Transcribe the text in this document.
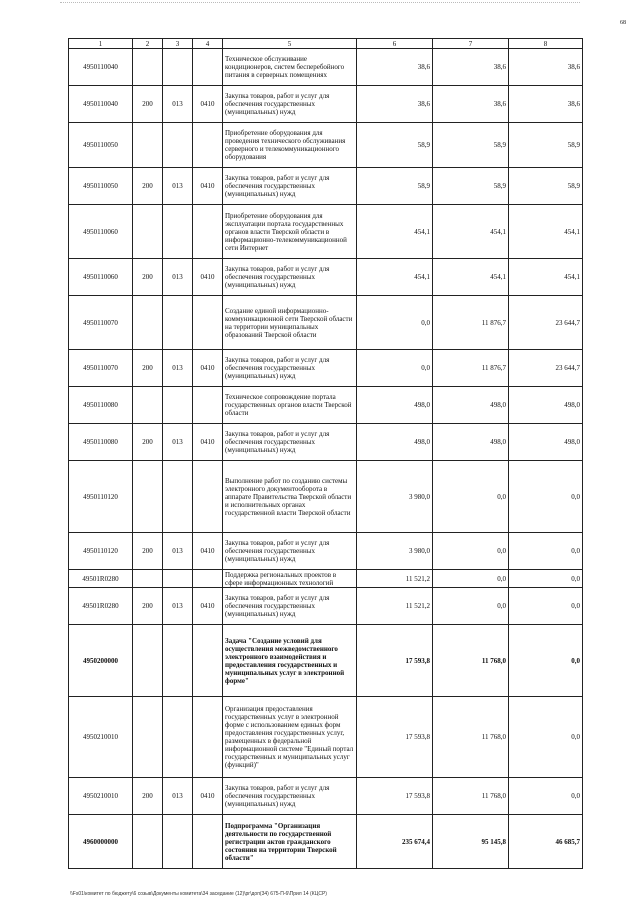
68
1	2	3	4	5	6	7	8
4950110040				Техническое обслуживание кондиционеров, систем бесперебойного питания в серверных помещениях	38,6	38,6	38,6
4950110040	200	013	0410	Закупка товаров, работ и услуг для обеспечения государственных (муниципальных) нужд	38,6	38,6	38,6
4950110050				Приобретение оборудования для проведения технического обслуживания серверного и телекоммуникационного оборудования	58,9	58,9	58,9
4950110050	200	013	0410	Закупка товаров, работ и услуг для обеспечения государственных (муниципальных) нужд	58,9	58,9	58,9
4950110060				Приобретение оборудования для эксплуатации портала государственных органов власти Тверской области в информационно-телекоммуникационной сети Интернет	454,1	454,1	454,1
4950110060	200	013	0410	Закупка товаров, работ и услуг для обеспечения государственных (муниципальных) нужд	454,1	454,1	454,1
4950110070				Создание единой информационно-коммуникационной сети Тверской области на территории муниципальных образований Тверской области	0,0	11 876,7	23 644,7
4950110070	200	013	0410	Закупка товаров, работ и услуг для обеспечения государственных (муниципальных) нужд	0,0	11 876,7	23 644,7
4950110080				Техническое сопровождение портала государственных органов власти Тверской области	498,0	498,0	498,0
4950110080	200	013	0410	Закупка товаров, работ и услуг для обеспечения государственных (муниципальных) нужд	498,0	498,0	498,0
4950110120				Выполнение работ по созданию системы электронного документооборота в аппарате Правительства Тверской области и исполнительных органах государственной власти Тверской области	3 980,0	0,0	0,0
4950110120	200	013	0410	Закупка товаров, работ и услуг для обеспечения государственных (муниципальных) нужд	3 980,0	0,0	0,0
49501R0280				Поддержка региональных проектов в сфере информационных технологий	11 521,2	0,0	0,0
49501R0280	200	013	0410	Закупка товаров, работ и услуг для обеспечения государственных (муниципальных) нужд	11 521,2	0,0	0,0
4950200000				Задача "Создание условий для осуществления межведомственного электронного взаимодействия и предоставления государственных и муниципальных услуг в электронной форме"	17 593,8	11 768,0	0,0
4950210010				Организация предоставления государственных услуг в электронной форме с использованием единых форм предоставления государственных услуг, размещенных в федеральной информационной системе "Единый портал государственных и муниципальных услуг (функций)"	17 593,8	11 768,0	0,0
4950210010	200	013	0410	Закупка товаров, работ и услуг для обеспечения государственных (муниципальных) нужд	17 593,8	11 768,0	0,0
4960000000				Подпрограмма "Организация деятельности по государственной регистрации актов гражданского состояния на территории Тверской области"	235 674,4	95 145,8	46 685,7
\\Fs01\комитет по бюджету\6 созыв\Документы комитета\34 заседание (12)\рг\доп(34) 675-П-6\Прил 14 (КЦСР)
